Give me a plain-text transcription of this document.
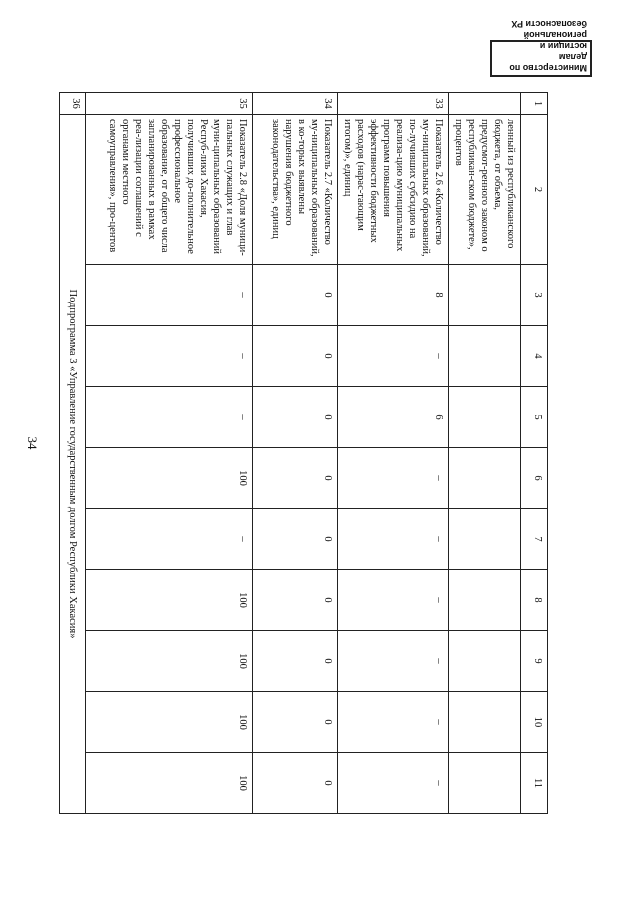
34
Министерство по делам
юстиции и региональной
безопасности РХ
1	2	3	4	5	6	7	8	9	10	11
	ленный из республиканского бюджета, от объема, предусмот-ренного законом о республикан-ском бюджете», процентов									
33	Показатель 2.6 «Количество му-ниципальных образований, по-лучивших субсидию на реализа-цию муниципальных программ повышения эффективности бюджетных расходов (нарас-тающим итогом)», единиц	8	–	6	–	–	–	–	–	–
34	Показатель 2.7 «Количество му-ниципальных образований, в ко-торых выявлены нарушения бюджетного законодательства», единиц	0	0	0	0	0	0	0	0	0
35	Показатель 2.8 «Доля муници-пальных служащих и глав муни-ципальных образований Респуб-лики Хакасия, получивших до-полнительное профессиональное образование, от общего числа запланированных в рамках реа-лизации соглашений с органами местного самоуправления», про-центов	–	–	–	100	–	100	100	100	100
36	Подпрограмма 3 «Управление государственным долгом Республики Хакасия»									
